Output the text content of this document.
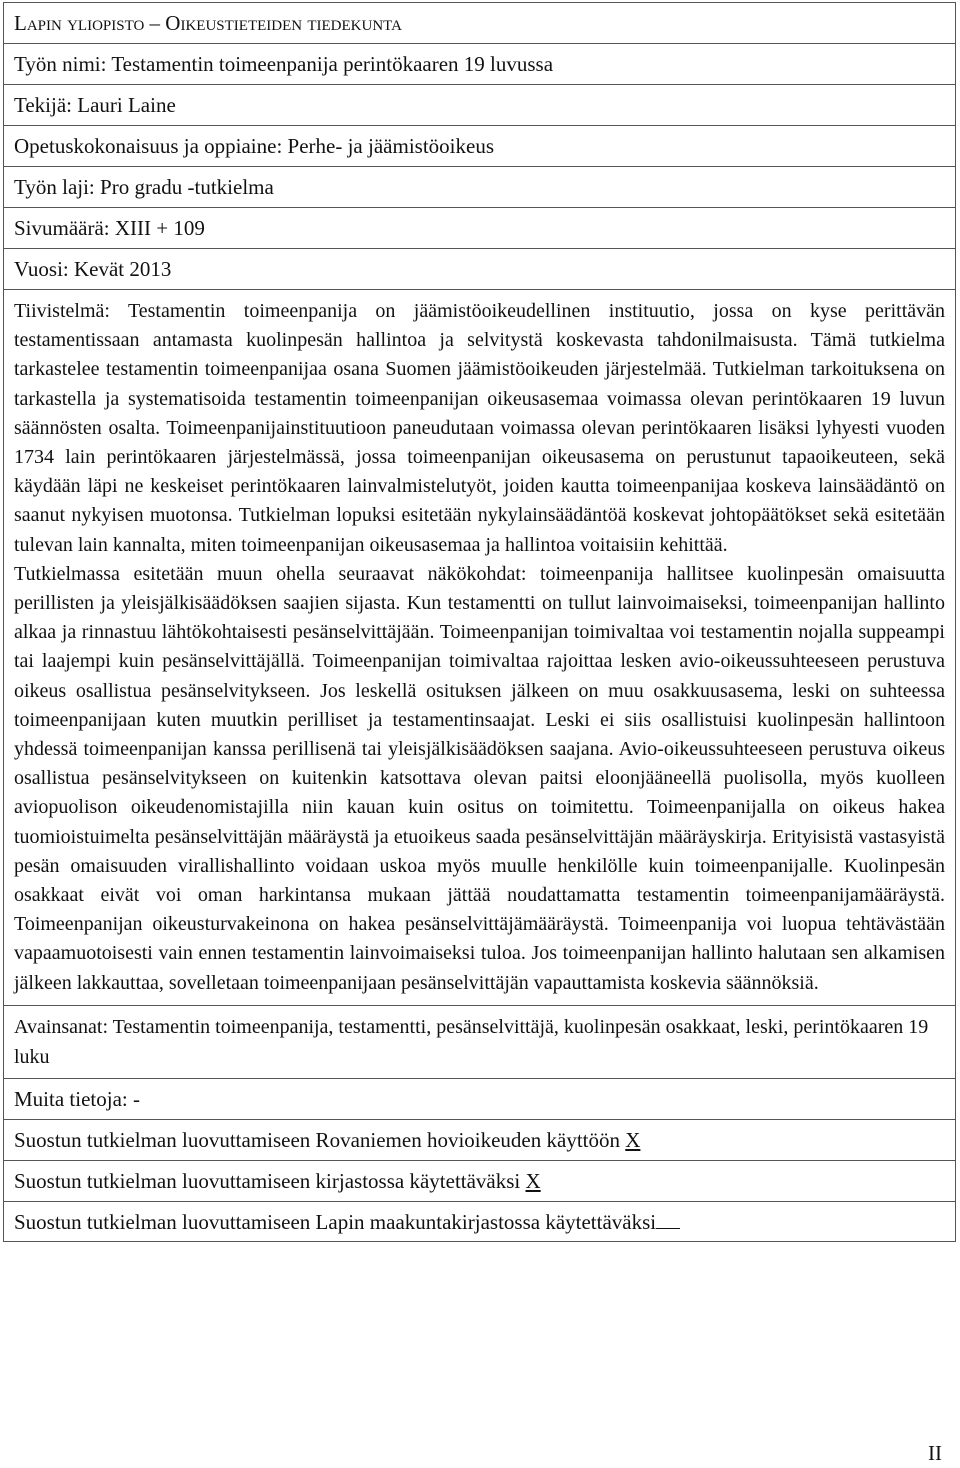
Lapin yliopisto – Oikeustieteiden tiedekunta
Työn nimi: Testamentin toimeenpanija perintökaaren 19 luvussa
Tekijä: Lauri Laine
Opetuskokonaisuus ja oppiaine: Perhe- ja jäämistöoikeus
Työn laji: Pro gradu -tutkielma
Sivumäärä: XIII + 109
Vuosi: Kevät 2013

Tiivistelmä: Testamentin toimeenpanija on jäämistöoikeudellinen instituutio, jossa on kyse perittävän testamentissaan antamasta kuolinpesän hallintoa ja selvitystä koskevasta tahdonilmaisusta. Tämä tutkielma tarkastelee testamentin toimeenpanijaa osana Suomen jäämistöoikeuden järjestelmää. Tutkielman tarkoituksena on tarkastella ja systematisoida testamentin toimeenpanijan oikeusasemaa voimassa olevan perintökaaren 19 luvun säännösten osalta. Toimeenpanijainstituutioon paneudutaan voimassa olevan perintökaaren lisäksi lyhyesti vuoden 1734 lain perintökaaren järjestelmässä, jossa toimeenpanijan oikeusasema on perustunut tapaoikeuteen, sekä käydään läpi ne keskeiset perintökaaren lainvalmistelutyöt, joiden kautta toimeenpanijaa koskeva lainsäädäntö on saanut nykyisen muotonsa. Tutkielman lopuksi esitetään nykylainsäädäntöä koskevat johtopäätökset sekä esitetään tulevan lain kannalta, miten toimeenpanijan oikeusasemaa ja hallintoa voitaisiin kehittää.

Tutkielmassa esitetään muun ohella seuraavat näkökohdat: toimeenpanija hallitsee kuolinpesän omaisuutta perillisten ja yleisjälkisäädöksen saajien sijasta. Kun testamentti on tullut lainvoimaiseksi, toimeenpanijan hallinto alkaa ja rinnastuu lähtökohtaisesti pesänselvittäjään. Toimeenpanijan toimivaltaa voi testamentin nojalla suppeampi tai laajempi kuin pesänselvittäjällä. Toimeenpanijan toimivaltaa rajoittaa lesken avio-oikeussuhteeseen perustuva oikeus osallistua pesänselvitykseen. Jos leskellä osituksen jälkeen on muu osakkuusasema, leski on suhteessa toimeenpanijaan kuten muutkin perilliset ja testamentinsaajat. Leski ei siis osallistuisi kuolinpesän hallintoon yhdessä toimeenpanijan kanssa perillisenä tai yleisjälkisäädöksen saajana. Avio-oikeussuhteeseen perustuva oikeus osallistua pesänselvitykseen on kuitenkin katsottava olevan paitsi eloonjääneellä puolisolla, myös kuolleen aviopuolison oikeudenomistajilla niin kauan kuin ositus on toimitettu. Toimeenpanijalla on oikeus hakea tuomioistuimelta pesänselvittäjän määräystä ja etuoikeus saada pesänselvittäjän määräyskirja. Erityisistä vastasyistä pesän omaisuuden virallishallinto voidaan uskoa myös muulle henkilölle kuin toimeenpanijalle. Kuolinpesän osakkaat eivät voi oman harkintansa mukaan jättää noudattamatta testamentin toimeenpanijamääräystä. Toimeenpanijan oikeusturvakeinona on hakea pesänselvittäjämääräystä. Toimeenpanija voi luopua tehtävästään vapaamuotoisesti vain ennen testamentin lainvoimaiseksi tuloa. Jos toimeenpanijan hallinto halutaan sen alkamisen jälkeen lakkauttaa, sovelletaan toimeenpanijaan pesänselvittäjän vapauttamista koskevia säännöksiä.

Avainsanat: Testamentin toimeenpanija, testamentti, pesänselvittäjä, kuolinpesän osakkaat, leski, perintökaaren 19 luku
Muita tietoja: -
Suostun tutkielman luovuttamiseen Rovaniemen hovioikeuden käyttöön X
Suostun tutkielman luovuttamiseen kirjastossa käytettäväksi X
Suostun tutkielman luovuttamiseen Lapin maakuntakirjastossa käytettäväksi
II
